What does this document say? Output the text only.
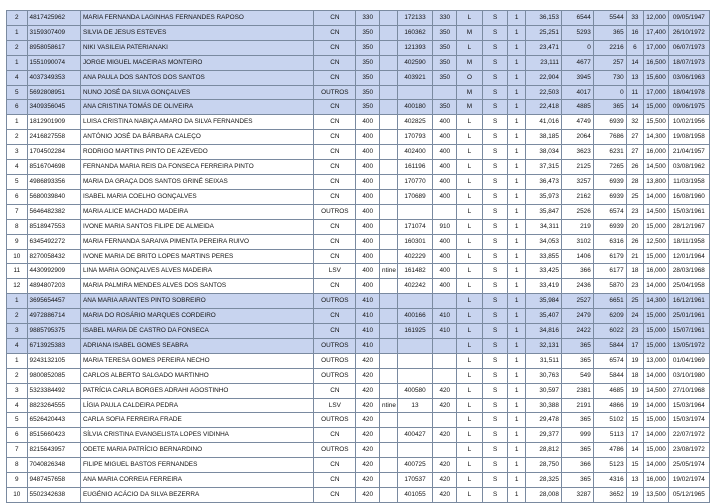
2	4817425962	MARIA FERNANDA LAGINHAS FERNANDES RAPOSO	CN	330		172133	330	L	S	1	36,153	6544	5544	33	12,000	09/05/1947
1	3159307409	SILVIA DE JESUS ESTEVES	CN	350		160362	350	M	S	1	25,251	5293	365	16	17,400	26/10/1972
2	8958058617	NIKI VASILEIA PATERIANAKI	CN	350		121393	350	L	S	1	23,471	0	2216	6	17,000	06/07/1973
1	1551090074	JORGE MIGUEL MACEIRAS MONTEIRO	CN	350		402590	350	M	S	1	23,111	4677	257	14	16,500	18/07/1973
4	4037349353	ANA PAULA DOS SANTOS DOS SANTOS	CN	350		403921	350	O	S	1	22,904	3945	730	13	15,600	03/06/1963
5	5692808951	NUNO JOSÉ DA SILVA GONÇALVES	OUTROS	350				M	S	1	22,503	4017	0	11	17,000	18/04/1978
6	3409356045	ANA CRISTINA TOMÁS DE OLIVEIRA	CN	350		400180	350	M	S	1	22,418	4885	365	14	15,000	09/06/1975
1	1812901909	LUISA CRISTINA NABIÇA AMARO DA SILVA FERNANDES	CN	400		402825	400	L	S	1	41,016	4749	6939	32	15,500	10/02/1956
2	2416827558	ANTÓNIO JOSÉ DA BÁRBARA CALEÇO	CN	400		170793	400	L	S	1	38,185	2064	7686	27	14,300	19/08/1958
3	1704502284	RODRIGO MARTINS PINTO DE AZEVEDO	CN	400		402400	400	L	S	1	38,034	3623	6231	27	16,000	21/04/1957
4	8516704698	FERNANDA MARIA REIS DA FONSECA FERREIRA PINTO	CN	400		161196	400	L	S	1	37,315	2125	7265	26	14,500	03/08/1962
5	4986893356	MARIA DA GRAÇA DOS SANTOS GRINÉ SEIXAS	CN	400		170770	400	L	S	1	36,473	3257	6939	28	13,800	11/03/1958
6	5680039840	ISABEL MARIA COELHO GONÇALVES	CN	400		170689	400	L	S	1	35,973	2162	6939	25	14,000	16/08/1960
7	5646482382	MARIA ALICE MACHADO MADEIRA	OUTROS	400				L	S	1	35,847	2526	6574	23	14,500	15/03/1961
8	8518947553	IVONE MARIA SANTOS FILIPE DE ALMEIDA	CN	400		171074	910	L	S	1	34,311	219	6939	20	15,000	28/12/1967
9	6345492272	MARIA FERNANDA SARAIVA PIMENTA PEREIRA RUIVO	CN	400		160301	400	L	S	1	34,053	3102	6316	26	12,500	18/11/1958
10	8270058432	IVONE MARIA DE BRITO LOPES MARTINS PERES	CN	400		402229	400	L	S	1	33,855	1406	6179	21	15,000	12/01/1964
11	4430992909	LINA MARIA GONÇALVES ALVES MADEIRA	LSV	400	ntine	161482	400	L	S	1	33,425	366	6177	18	16,000	28/03/1968
12	4894807203	MARIA PALMIRA MENDES ALVES DOS SANTOS	CN	400		402242	400	L	S	1	33,419	2436	5870	23	14,000	25/04/1958
1	3695654457	ANA MARIA ARANTES PINTO SOBREIRO	OUTROS	410				L	S	1	35,984	2527	6651	25	14,300	16/12/1961
2	4972886714	MARIA DO ROSÁRIO MARQUES CORDEIRO	CN	410		400166	410	L	S	1	35,407	2479	6209	24	15,000	25/01/1961
3	9885795375	ISABEL MARIA DE CASTRO DA FONSECA	CN	410		161925	410	L	S	1	34,816	2422	6022	23	15,000	15/07/1961
4	6713925383	ADRIANA ISABEL GOMES SEABRA	OUTROS	410				L	S	1	32,131	365	5844	17	15,000	13/05/1972
1	9243132105	MARIA TERESA GOMES PEREIRA NECHO	OUTROS	420				L	S	1	31,511	365	6574	19	13,000	01/04/1969
2	9800852085	CARLOS ALBERTO SALGADO MARTINHO	OUTROS	420				L	S	1	30,763	549	5844	18	14,000	03/10/1980
3	5323384492	PATRÍCIA CARLA BORGES ADRAHI AGOSTINHO	CN	420		400580	420	L	S	1	30,597	2381	4685	19	14,500	27/10/1968
4	8823264555	LÍGIA PAULA CALDEIRA PEDRA	LSV	420	ntine	13	420	L	S	1	30,388	2191	4866	19	14,000	15/03/1964
5	6526420443	CARLA SOFIA FERREIRA FRADE	OUTROS	420				L	S	1	29,478	365	5102	15	15,000	15/03/1974
6	8515660423	SÍLVIA CRISTINA EVANGELISTA LOPES VIDINHA	CN	420		400427	420	L	S	1	29,377	999	5113	17	14,000	22/07/1972
7	8215643957	ODETE MARIA PATRÍCIO BERNARDINO	OUTROS	420				L	S	1	28,812	365	4786	14	15,000	23/08/1972
8	7040826348	FILIPE MIGUEL BASTOS FERNANDES	CN	420		400725	420	L	S	1	28,750	366	5123	15	14,000	25/05/1974
9	9487457658	ANA MARIA CORREIA FERREIRA	CN	420		170537	420	L	S	1	28,325	365	4316	13	16,000	19/02/1974
10	5502342638	EUGÉNIO ACÁCIO DA SILVA BEZERRA	CN	420		401055	420	L	S	1	28,008	3287	3652	19	13,500	05/12/1965
